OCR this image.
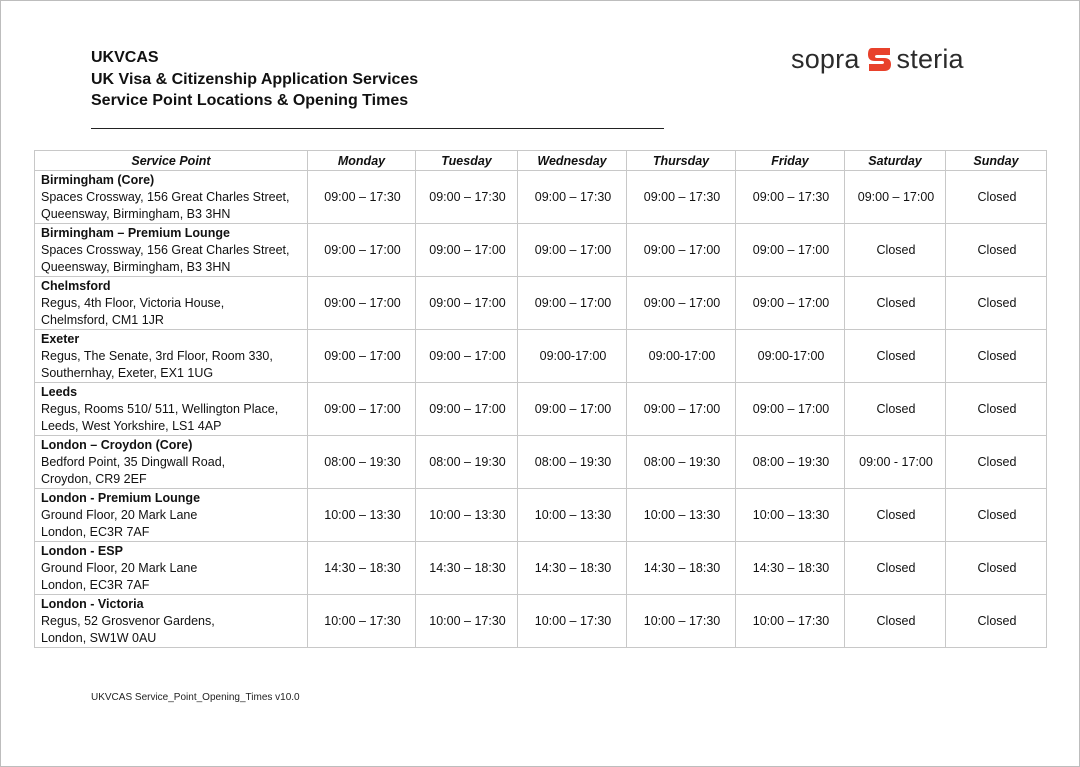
UKVCAS
UK Visa & Citizenship Application Services
Service Point Locations & Opening Times
sopra steria
Service Point	Monday	Tuesday	Wednesday	Thursday	Friday	Saturday	Sunday

Birmingham (Core)
Spaces Crossway, 156 Great Charles Street,
Queensway, Birmingham, B3 3HN	09:00 – 17:30	09:00 – 17:30	09:00 – 17:30	09:00 – 17:30	09:00 – 17:30	09:00 – 17:00	Closed

Birmingham – Premium Lounge
Spaces Crossway, 156 Great Charles Street,
Queensway, Birmingham, B3 3HN	09:00 – 17:00	09:00 – 17:00	09:00 – 17:00	09:00 – 17:00	09:00 – 17:00	Closed	Closed

Chelmsford
Regus, 4th Floor, Victoria House,
Chelmsford, CM1 1JR	09:00 – 17:00	09:00 – 17:00	09:00 – 17:00	09:00 – 17:00	09:00 – 17:00	Closed	Closed

Exeter
Regus, The Senate, 3rd Floor, Room 330,
Southernhay, Exeter, EX1 1UG	09:00 – 17:00	09:00 – 17:00	09:00-17:00	09:00-17:00	09:00-17:00	Closed	Closed

Leeds
Regus, Rooms 510/ 511, Wellington Place,
Leeds, West Yorkshire, LS1 4AP	09:00 – 17:00	09:00 – 17:00	09:00 – 17:00	09:00 – 17:00	09:00 – 17:00	Closed	Closed

London – Croydon (Core)
Bedford Point, 35 Dingwall Road,
Croydon, CR9 2EF	08:00 – 19:30	08:00 – 19:30	08:00 – 19:30	08:00 – 19:30	08:00 – 19:30	09:00 - 17:00	Closed

London - Premium Lounge
Ground Floor, 20 Mark Lane
London, EC3R 7AF	10:00 – 13:30	10:00 – 13:30	10:00 – 13:30	10:00 – 13:30	10:00 – 13:30	Closed	Closed

London - ESP
Ground Floor, 20 Mark Lane
London, EC3R 7AF	14:30 – 18:30	14:30 – 18:30	14:30 – 18:30	14:30 – 18:30	14:30 – 18:30	Closed	Closed

London - Victoria
Regus, 52 Grosvenor Gardens,
London, SW1W 0AU	10:00 – 17:30	10:00 – 17:30	10:00 – 17:30	10:00 – 17:30	10:00 – 17:30	Closed	Closed
UKVCAS Service_Point_Opening_Times v10.0
